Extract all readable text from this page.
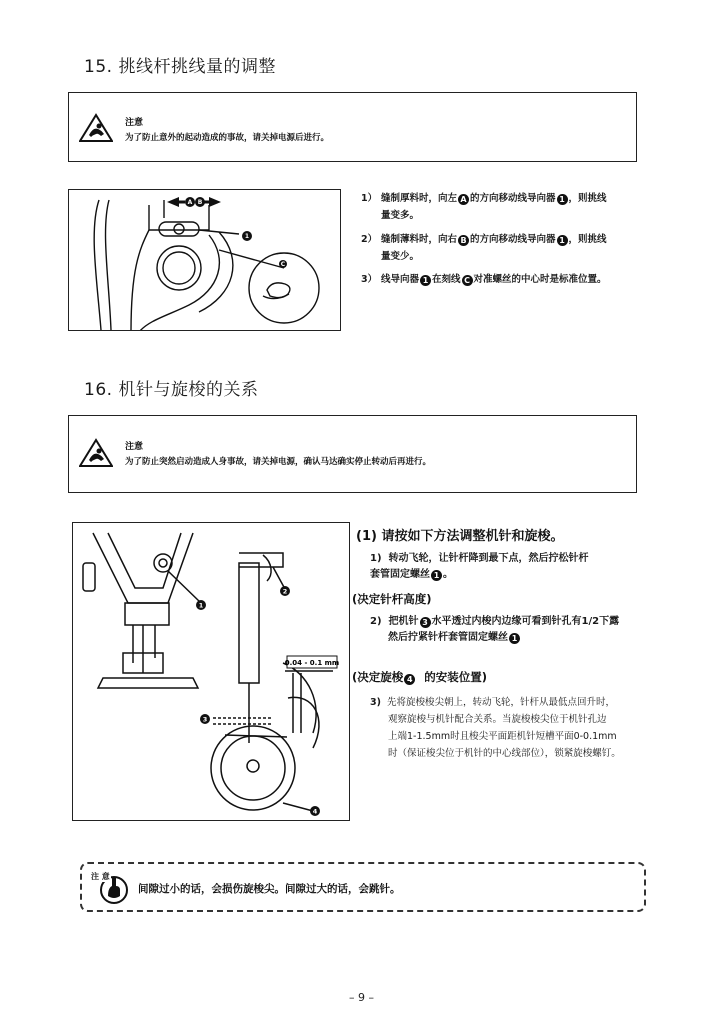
15. 挑线杆挑线量的调整
注意
为了防止意外的起动造成的事故，请关掉电源后进行。
A B
1
C
1） 缝制厚料时，向左 A 的方向移动线导向器 1 ，则挑线
量变多。
2） 缝制薄料时，向右 B 的方向移动线导向器 1 ，则挑线
量变少。
3） 线导向器 1 在刻线 C 对准螺丝的中心时是标准位置。
16. 机针与旋梭的关系
注意
为了防止突然启动造成人身事故，请关掉电源，确认马达确实停止转动后再进行。
0.04 - 0.1 mm
1
2
3
4
(1) 请按如下方法调整机针和旋梭。
1) 转动飞轮，让针杆降到最下点，然后拧松针杆
套管固定螺丝 1 。
(决定针杆高度)
2) 把机针 3 水平透过内梭内边缘可看到针孔有1/2下露
然后拧紧针杆套管固定螺丝 1
(决定旋梭 4 的安装位置)
3) 先将旋梭梭尖朝上，转动飞轮，针杆从最低点回升时，
观察旋梭与机针配合关系。当旋梭梭尖位于机针孔边
上端1-1.5mm时且梭尖平面距机针短槽平面0-0.1mm
时（保证梭尖位于机针的中心线部位），锁紧旋梭螺钉。
注 意
间隙过小的话，会损伤旋梭尖。间隙过大的话，会跳针。
– 9 –
